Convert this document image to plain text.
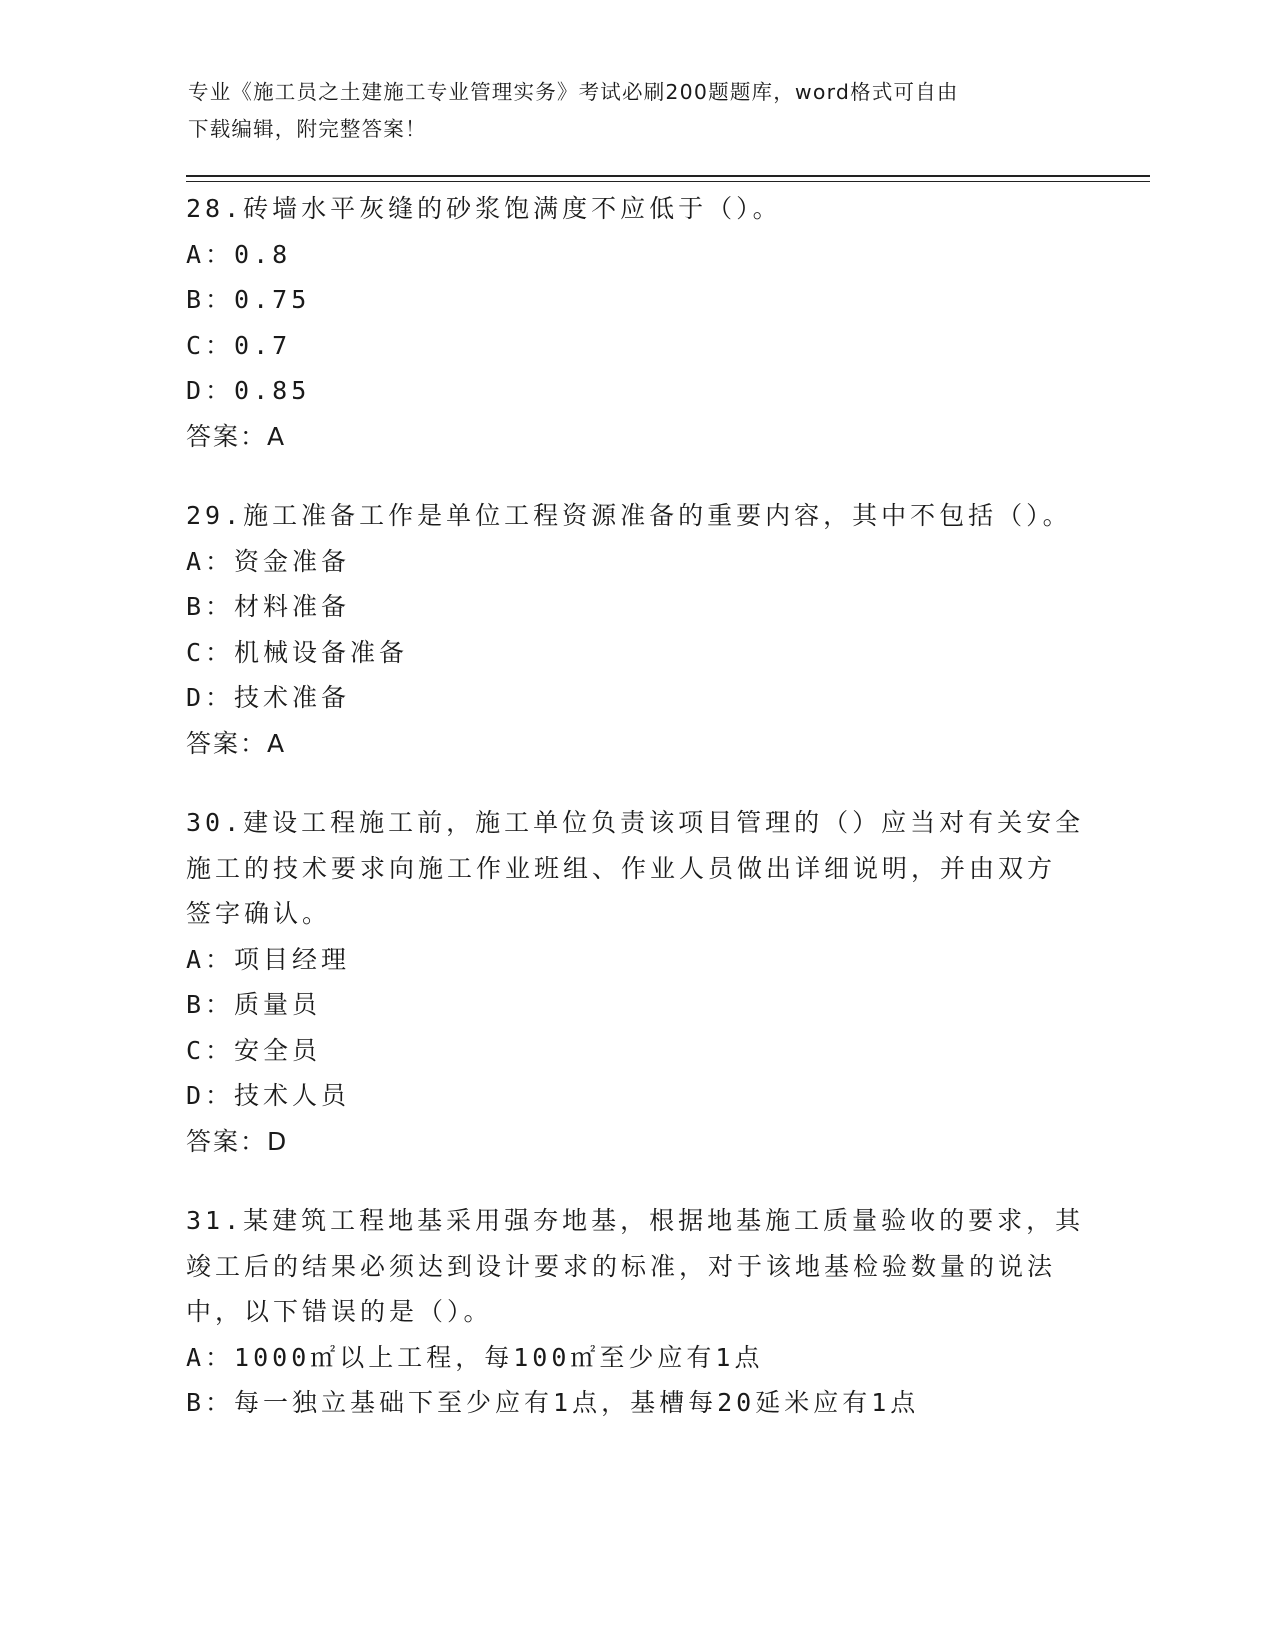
专业《施工员之土建施工专业管理实务》考试必刷200题题库，word格式可自由
下载编辑，附完整答案！
28.砖墙水平灰缝的砂浆饱满度不应低于（）。
A：0.8
B：0.75
C：0.7
D：0.85
答案：A
29.施工准备工作是单位工程资源准备的重要内容，其中不包括（）。
A：资金准备
B：材料准备
C：机械设备准备
D：技术准备
答案：A
30.建设工程施工前，施工单位负责该项目管理的（）应当对有关安全
施工的技术要求向施工作业班组、作业人员做出详细说明，并由双方
签字确认。
A：项目经理
B：质量员
C：安全员
D：技术人员
答案：D
31.某建筑工程地基采用强夯地基，根据地基施工质量验收的要求，其
竣工后的结果必须达到设计要求的标准，对于该地基检验数量的说法
中，以下错误的是（）。
A：1000㎡以上工程，每100㎡至少应有1点
B：每一独立基础下至少应有1点，基槽每20延米应有1点
